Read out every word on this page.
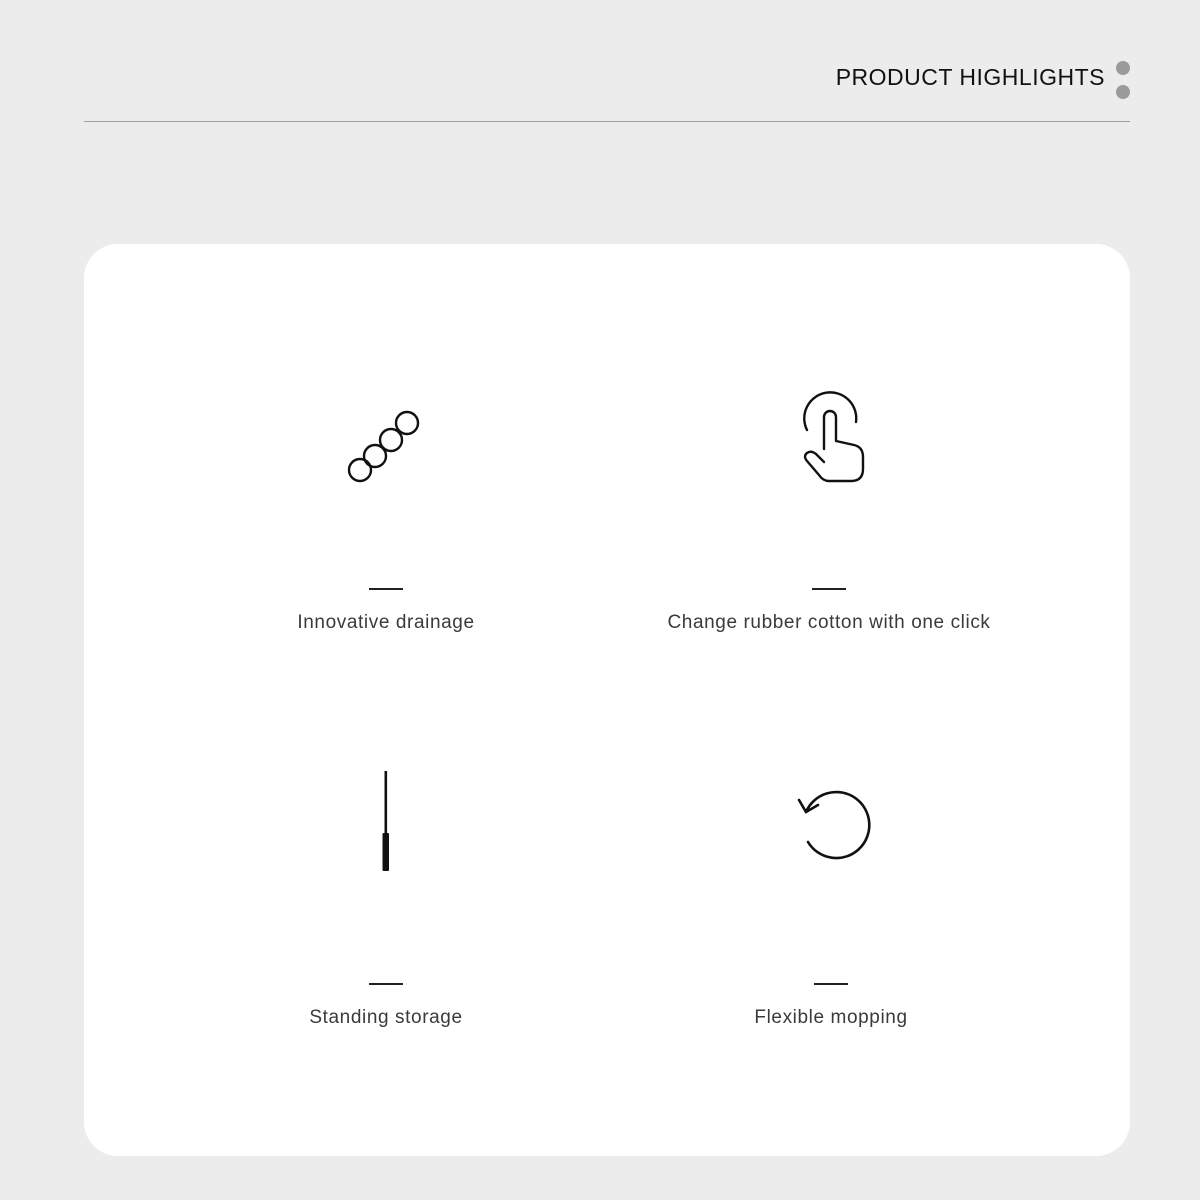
PRODUCT HIGHLIGHTS
Innovative drainage	Change rubber cotton with one click
Standing storage	Flexible mopping
